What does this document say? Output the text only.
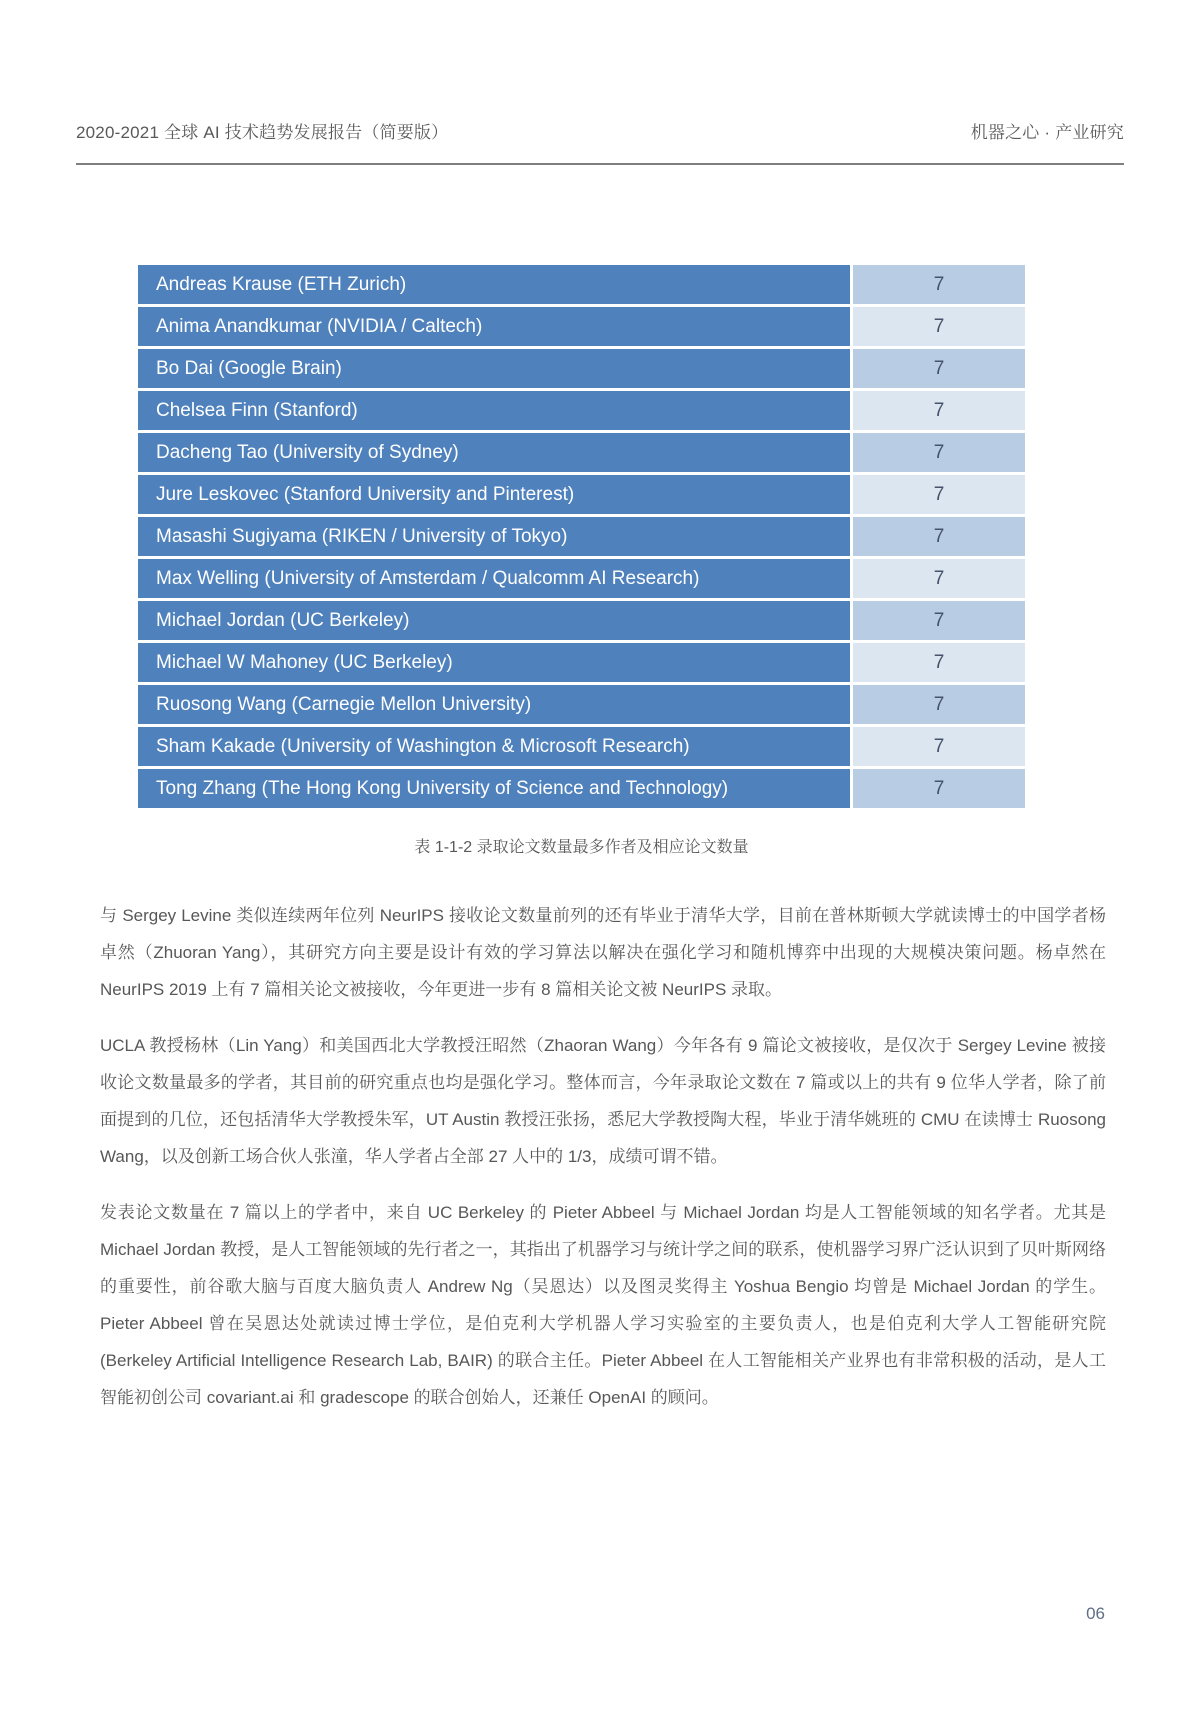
2020-2021 全球 AI 技术趋势发展报告（简要版）	机器之心 · 产业研究
Andreas Krause (ETH Zurich)	7
Anima Anandkumar (NVIDIA / Caltech)	7
Bo Dai (Google Brain)	7
Chelsea Finn (Stanford)	7
Dacheng Tao (University of Sydney)	7
Jure Leskovec (Stanford University and Pinterest)	7
Masashi Sugiyama (RIKEN / University of Tokyo)	7
Max Welling (University of Amsterdam / Qualcomm AI Research)	7
Michael Jordan (UC Berkeley)	7
Michael W Mahoney (UC Berkeley)	7
Ruosong Wang (Carnegie Mellon University)	7
Sham Kakade (University of Washington & Microsoft Research)	7
Tong Zhang (The Hong Kong University of Science and Technology)	7
表 1-1-2 录取论文数量最多作者及相应论文数量

与 Sergey Levine 类似连续两年位列 NeurIPS 接收论文数量前列的还有毕业于清华大学，目前在普林斯顿大学就读博士的中国学者杨卓然（Zhuoran Yang），其研究方向主要是设计有效的学习算法以解决在强化学习和随机博弈中出现的大规模决策问题。杨卓然在 NeurIPS 2019 上有 7 篇相关论文被接收，今年更进一步有 8 篇相关论文被 NeurIPS 录取。

UCLA 教授杨林（Lin Yang）和美国西北大学教授汪昭然（Zhaoran Wang）今年各有 9 篇论文被接收，是仅次于 Sergey Levine 被接收论文数量最多的学者，其目前的研究重点也均是强化学习。整体而言，今年录取论文数在 7 篇或以上的共有 9 位华人学者，除了前面提到的几位，还包括清华大学教授朱军，UT Austin 教授汪张扬，悉尼大学教授陶大程，毕业于清华姚班的 CMU 在读博士 Ruosong Wang，以及创新工场合伙人张潼，华人学者占全部 27 人中的 1/3，成绩可谓不错。

发表论文数量在 7 篇以上的学者中，来自 UC Berkeley 的 Pieter Abbeel 与 Michael Jordan 均是人工智能领域的知名学者。尤其是 Michael Jordan 教授，是人工智能领域的先行者之一，其指出了机器学习与统计学之间的联系，使机器学习界广泛认识到了贝叶斯网络的重要性，前谷歌大脑与百度大脑负责人 Andrew Ng（吴恩达）以及图灵奖得主 Yoshua Bengio 均曾是 Michael Jordan 的学生。Pieter Abbeel 曾在吴恩达处就读过博士学位，是伯克利大学机器人学习实验室的主要负责人，也是伯克利大学人工智能研究院 (Berkeley Artificial Intelligence Research Lab, BAIR) 的联合主任。Pieter Abbeel 在人工智能相关产业界也有非常积极的活动，是人工智能初创公司 covariant.ai 和 gradescope 的联合创始人，还兼任 OpenAI 的顾问。

06
